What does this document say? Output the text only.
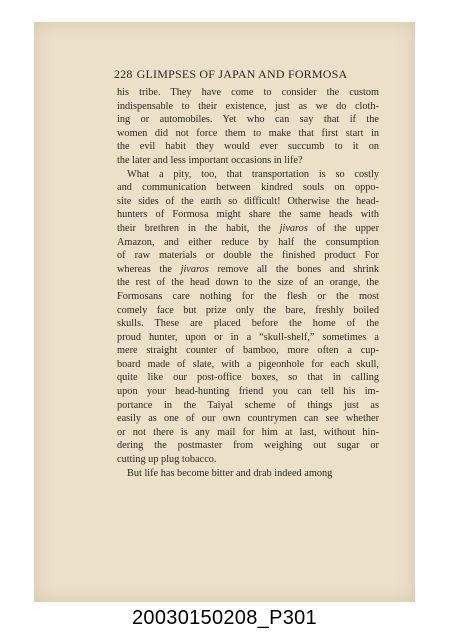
228 GLIMPSES OF JAPAN AND FORMOSA
his tribe. They have come to consider the custom
indispensable to their existence, just as we do cloth-
ing or automobiles. Yet who can say that if the
women did not force them to make that first start in
the evil habit they would ever succumb to it on
the later and less important occasions in life?
What a pity, too, that transportation is so costly
and communication between kindred souls on oppo-
site sides of the earth so difficult! Otherwise the head-
hunters of Formosa might share the same heads with
their brethren in the habit, the jivaros of the upper
Amazon, and either reduce by half the consumption
of raw materials or double the finished product For
whereas the jivaros remove all the bones and shrink
the rest of the head down to the size of an orange, the
Formosans care nothing for the flesh or the most
comely face but prize only the bare, freshly boiled
skulls. These are placed before the home of the
proud hunter, upon or in a “skull-shelf,” sometimes a
mere straight counter of bamboo, more often a cup-
board made of slate, with a pigeonhole for each skull,
quite like our post-office boxes, so that in calling
upon your head-hunting friend you can tell his im-
portance in the Taiyal scheme of things just as
easily as one of our own countrymen can see whether
or not there is any mail for him at last, without hin-
dering the postmaster from weighing out sugar or
cutting up plug tobacco.
But life has become bitter and drab indeed among
20030150208_P301
